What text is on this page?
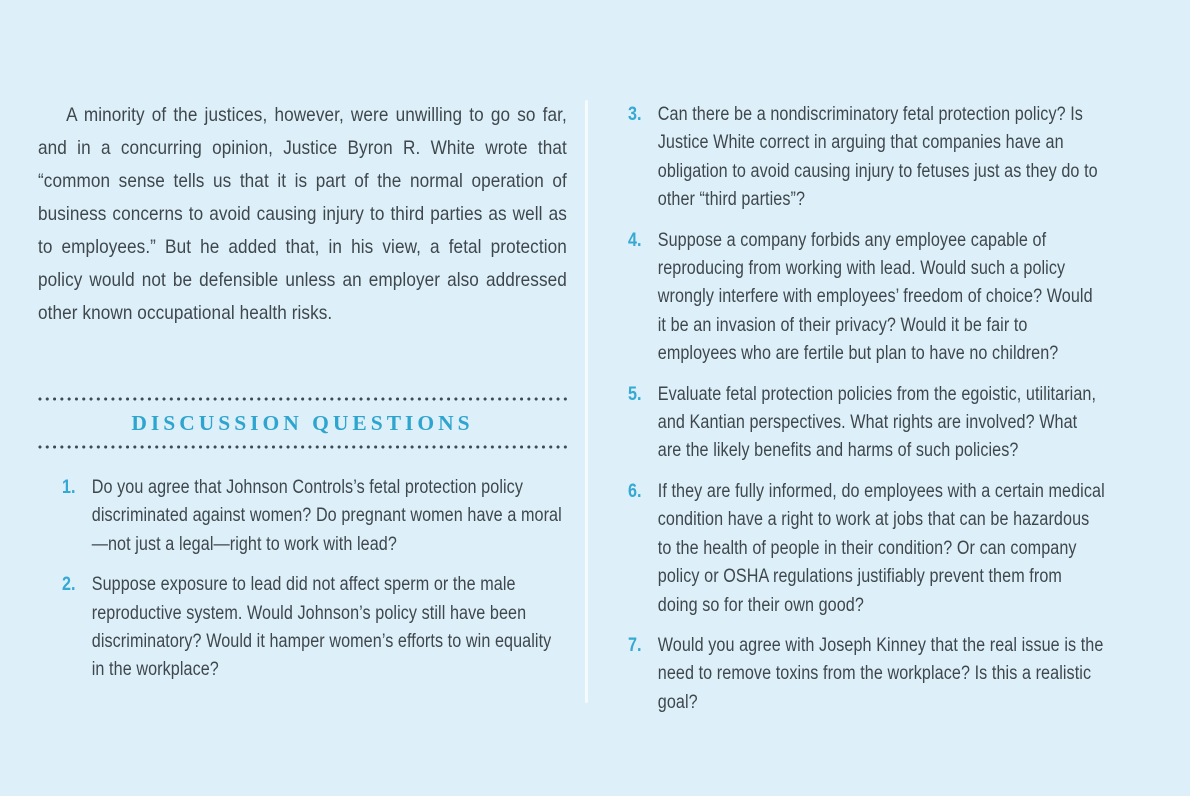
A minority of the justices, however, were unwilling to go so far, and in a concurring opinion, Justice Byron R. White wrote that “common sense tells us that it is part of the normal operation of business concerns to avoid causing injury to third parties as well as to employees.” But he added that, in his view, a fetal protection policy would not be defensible unless an employer also addressed other known occupational health risks.

DISCUSSION QUESTIONS
1. Do you agree that Johnson Controls’s fetal protection policy discriminated against women? Do pregnant women have a moral—not just a legal—right to work with lead?
2. Suppose exposure to lead did not affect sperm or the male reproductive system. Would Johnson’s policy still have been discriminatory? Would it hamper women’s efforts to win equality in the workplace?
3. Can there be a nondiscriminatory fetal protection policy? Is Justice White correct in arguing that companies have an obligation to avoid causing injury to fetuses just as they do to other “third parties”?
4. Suppose a company forbids any employee capable of reproducing from working with lead. Would such a policy wrongly interfere with employees’ freedom of choice? Would it be an invasion of their privacy? Would it be fair to employees who are fertile but plan to have no children?
5. Evaluate fetal protection policies from the egoistic, utilitarian, and Kantian perspectives. What rights are involved? What are the likely benefits and harms of such policies?
6. If they are fully informed, do employees with a certain medical condition have a right to work at jobs that can be hazardous to the health of people in their condition? Or can company policy or OSHA regulations justifiably prevent them from doing so for their own good?
7. Would you agree with Joseph Kinney that the real issue is the need to remove toxins from the workplace? Is this a realistic goal?
